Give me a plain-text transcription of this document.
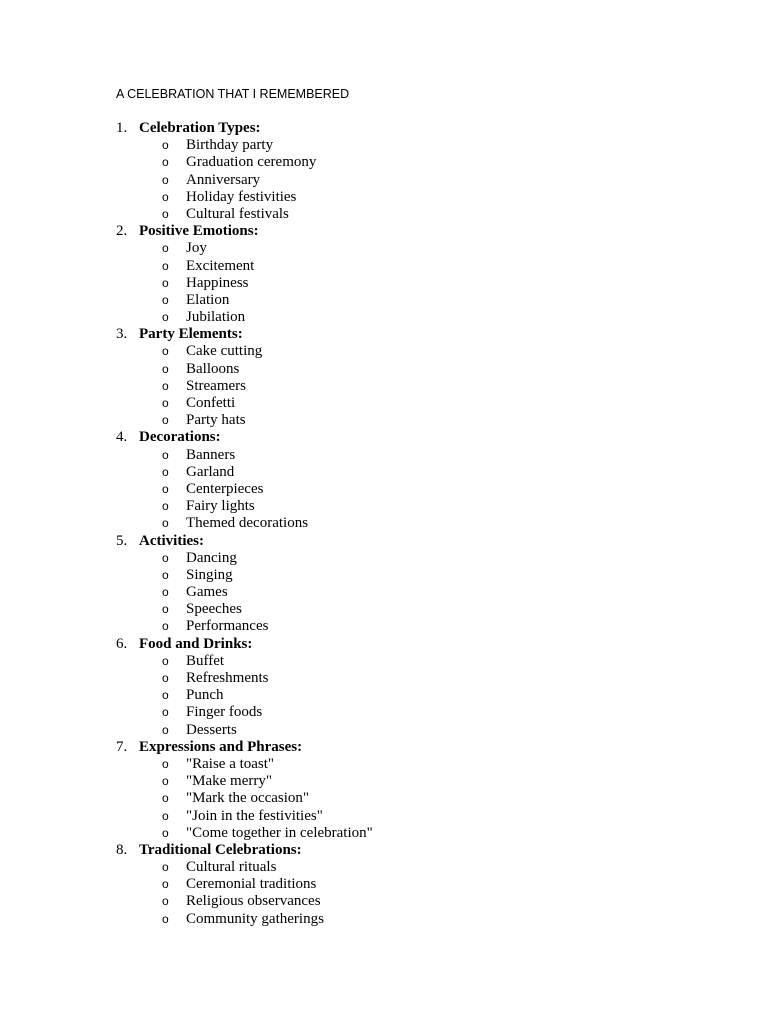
A CELEBRATION THAT I REMEMBERED
1. Celebration Types:
o Birthday party
o Graduation ceremony
o Anniversary
o Holiday festivities
o Cultural festivals
2. Positive Emotions:
o Joy
o Excitement
o Happiness
o Elation
o Jubilation
3. Party Elements:
o Cake cutting
o Balloons
o Streamers
o Confetti
o Party hats
4. Decorations:
o Banners
o Garland
o Centerpieces
o Fairy lights
o Themed decorations
5. Activities:
o Dancing
o Singing
o Games
o Speeches
o Performances
6. Food and Drinks:
o Buffet
o Refreshments
o Punch
o Finger foods
o Desserts
7. Expressions and Phrases:
o "Raise a toast"
o "Make merry"
o "Mark the occasion"
o "Join in the festivities"
o "Come together in celebration"
8. Traditional Celebrations:
o Cultural rituals
o Ceremonial traditions
o Religious observances
o Community gatherings
